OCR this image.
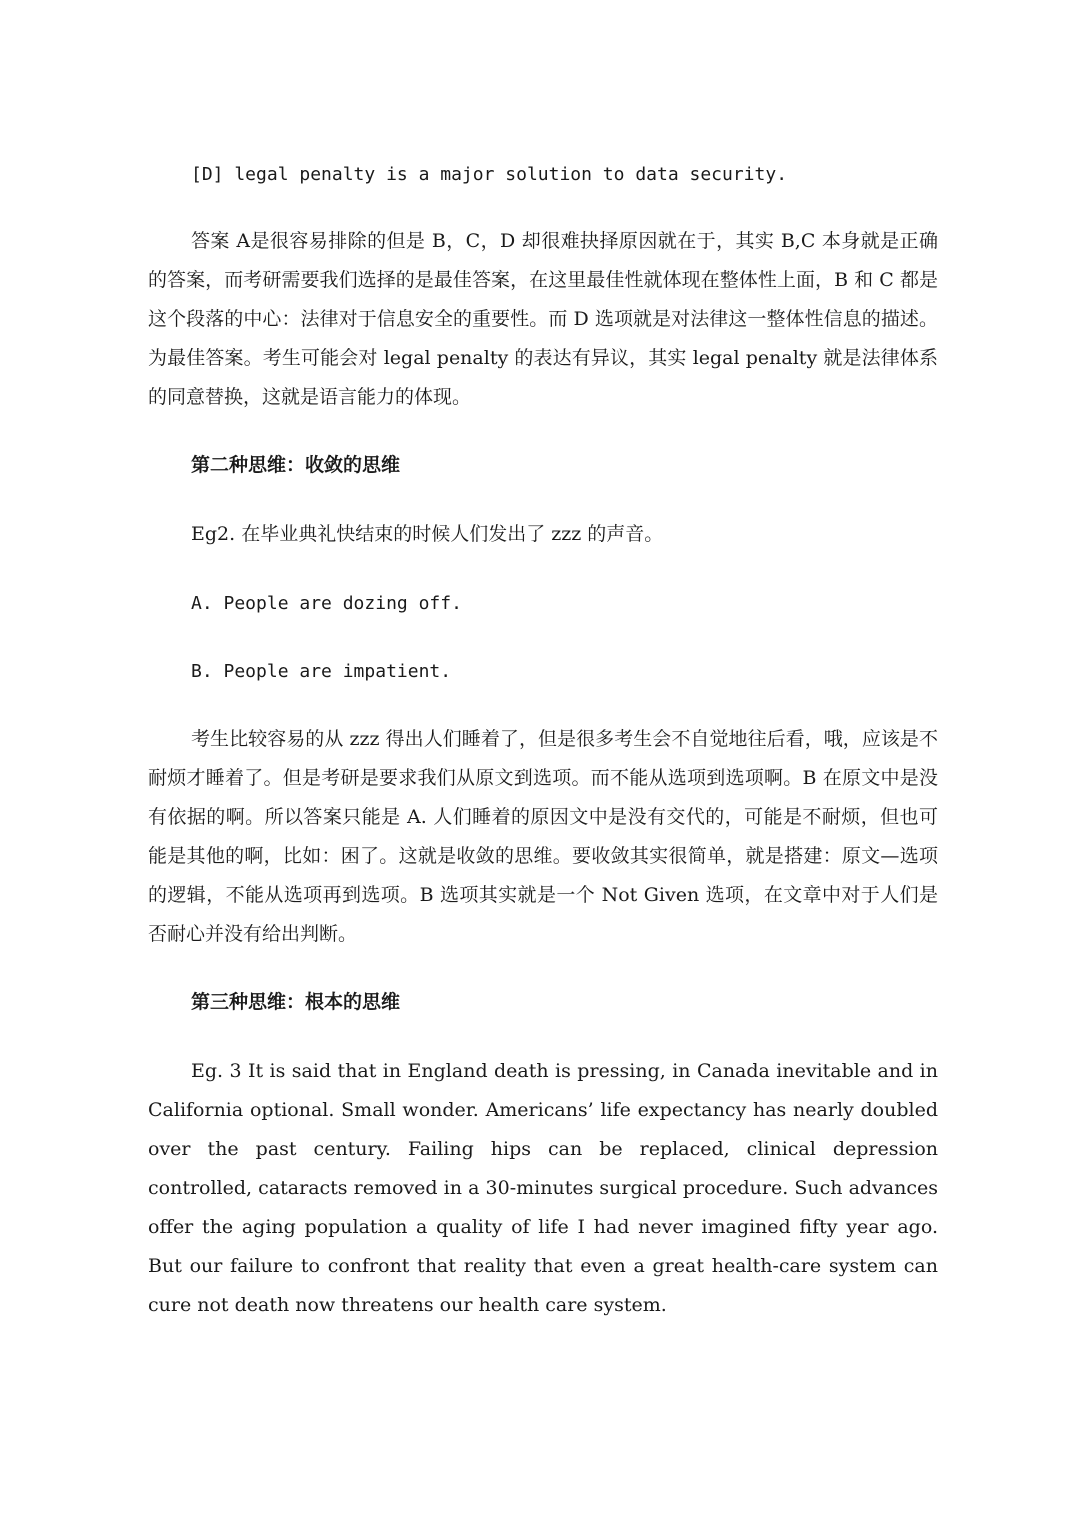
[D] legal penalty is a major solution to data security.

答案 A是很容易排除的但是 B，C，D 却很难抉择原因就在于，其实 B,C 本身就是正确的答案，而考研需要我们选择的是最佳答案，在这里最佳性就体现在整体性上面，B 和 C 都是这个段落的中心：法律对于信息安全的重要性。而 D 选项就是对法律这一整体性信息的描述。为最佳答案。考生可能会对 legal penalty 的表达有异议，其实 legal penalty 就是法律体系的同意替换，这就是语言能力的体现。

第二种思维：收敛的思维

Eg2. 在毕业典礼快结束的时候人们发出了 zzz 的声音。

A. People are dozing off.

B. People are impatient.

考生比较容易的从 zzz 得出人们睡着了，但是很多考生会不自觉地往后看，哦，应该是不耐烦才睡着了。但是考研是要求我们从原文到选项。而不能从选项到选项啊。B 在原文中是没有依据的啊。所以答案只能是 A. 人们睡着的原因文中是没有交代的，可能是不耐烦，但也可能是其他的啊，比如：困了。这就是收敛的思维。要收敛其实很简单，就是搭建：原文—选项的逻辑，不能从选项再到选项。B 选项其实就是一个 Not Given 选项，在文章中对于人们是否耐心并没有给出判断。

第三种思维：根本的思维

Eg. 3 It is said that in England death is pressing, in Canada inevitable and in California optional. Small wonder. Americans’ life expectancy has nearly doubled over the past century. Failing hips can be replaced, clinical depression controlled, cataracts removed in a 30-minutes surgical procedure. Such advances offer the aging population a quality of life I had never imagined fifty year ago. But our failure to confront that reality that even a great health-care system can cure not death now threatens our health care system.
